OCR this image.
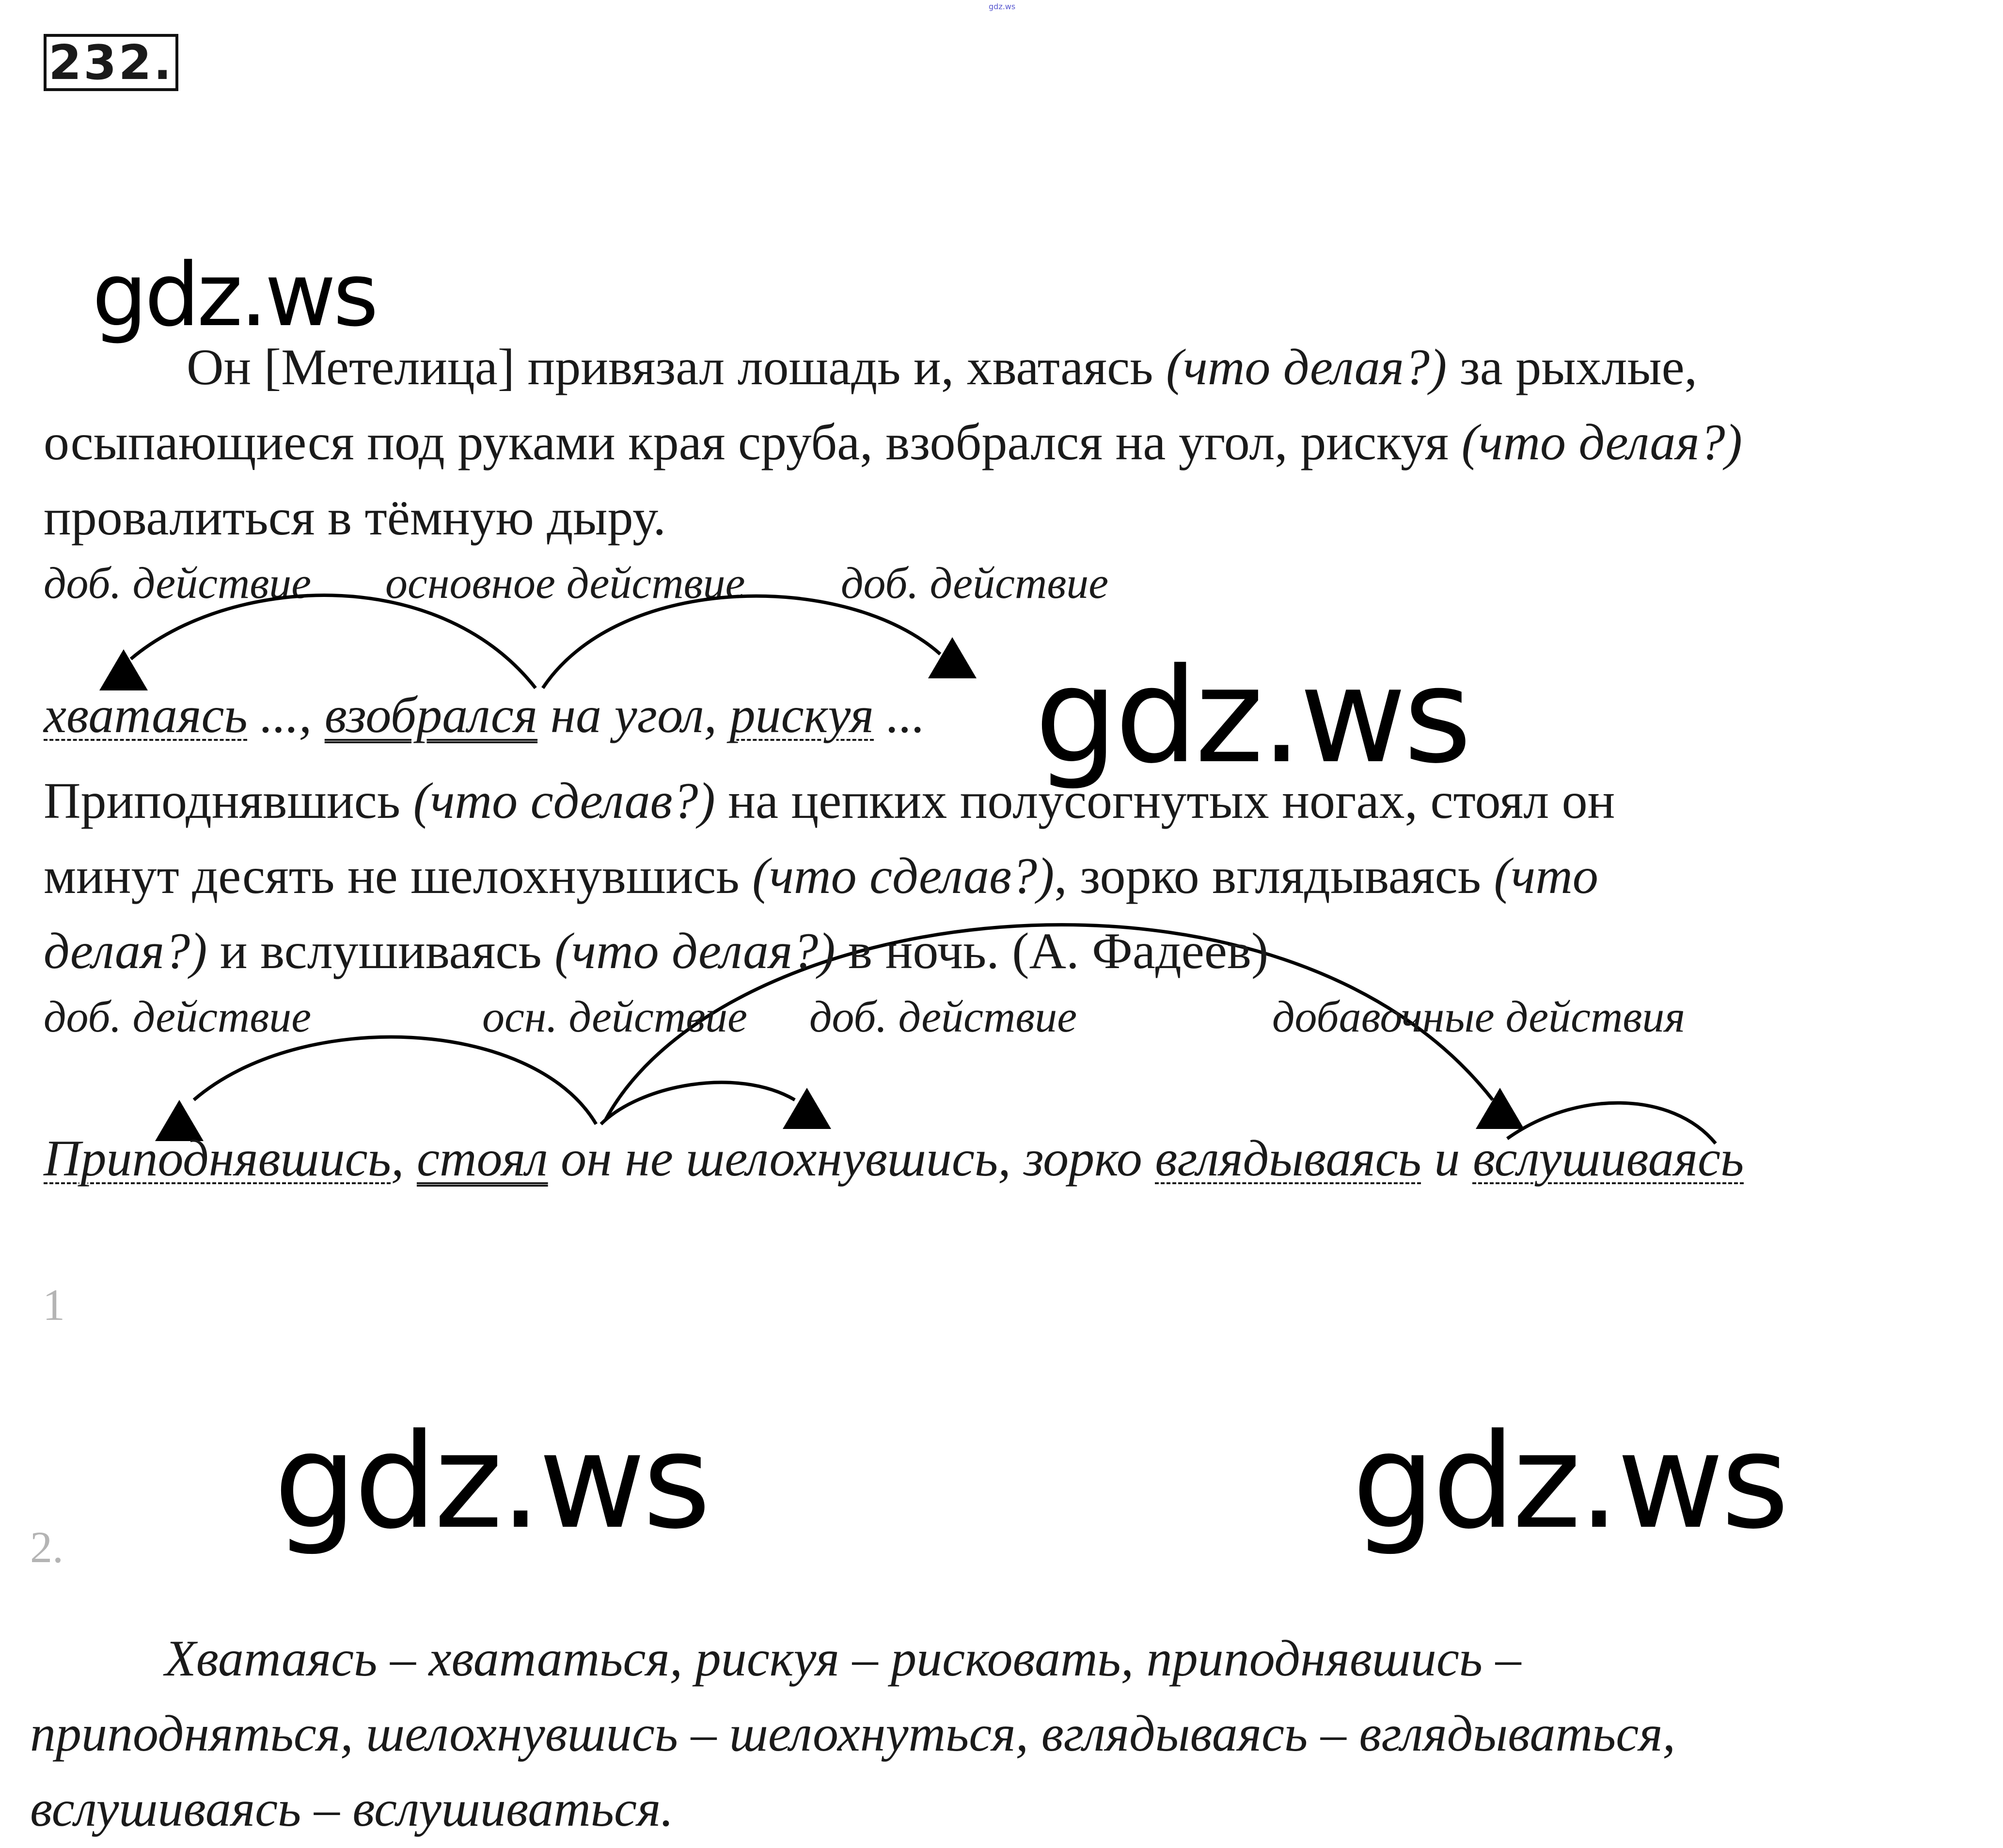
gdz.ws
232.
gdz.ws
Он [Метелица] привязал лошадь и, хватаясь (что делая?) за рыхлые,
осыпающиеся под руками края сруба, взобрался на угол, рискуя (что делая?)
провалиться в тёмную дыру.
доб. действие основное действие доб. действие
хватаясь ..., взобрался на угол, рискуя ... gdz.ws
Приподнявшись (что сделав?) на цепких полусогнутых ногах, стоял он
минут десять не шелохнувшись (что сделав?), зорко вглядываясь (что
делая?) и вслушиваясь (что делая?) в ночь. (А. Фадеев)
доб. действие	осн. действие доб. действие	добавочные действия
Приподнявшись, стоял он не шелохнувшись, зорко вглядываясь и вслушиваясь
1
gdz.ws	gdz.ws
2.
Хватаясь – хвататься, рискуя – рисковать, приподнявшись –
приподняться, шелохнувшись – шелохнуться, вглядываясь – вглядываться,
вслушиваясь – вслушиваться.
